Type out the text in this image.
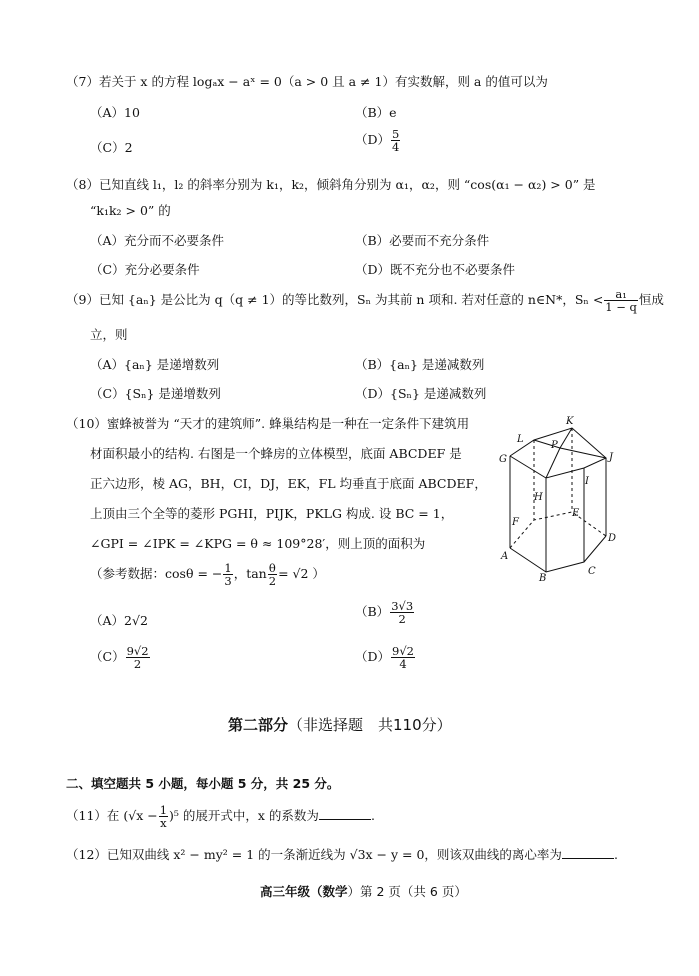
（7）若关于 x 的方程 logₐx − aˣ = 0（a > 0 且 a ≠ 1）有实数解，则 a 的值可以为
（A）10	（B）e
（C）2
$(D) \frac{5}{4}$
（8）已知直线 l₁，l₂ 的斜率分别为 k₁，k₂，倾斜角分别为 α₁，α₂，则 “cos(α₁ − α₂) > 0” 是
“k₁k₂ > 0” 的
（A）充分而不必要条件	（B）必要而不充分条件
（C）充分必要条件	（D）既不充分也不必要条件
（9）已知 {aₙ} 是公比为 q（q ≠ 1）的等比数列，Sₙ 为其前 n 项和. 若对任意的 n∈N*，$S_n < \frac{\text{a₁}}{1 - q}$ 恒成
立，则
（A）{aₙ} 是递增数列	（B）{aₙ} 是递减数列
（C）{Sₙ} 是递增数列	（D）{Sₙ} 是递减数列
（10）蜜蜂被誉为 “天才的建筑师”. 蜂巢结构是一种在一定条件下建筑用
材面积最小的结构. 右图是一个蜂房的立体模型，底面 ABCDEF 是
正六边形，棱 AG，BH，CI，DJ，EK，FL 均垂直于底面 ABCDEF，
上顶由三个全等的菱形 PGHI，PIJK，PKLG 构成. 设 BC = 1，
∠GPI = ∠IPK = ∠KPG = θ ≈ 109°28′，则上顶的面积为
（参考数据：cosθ = − $\frac{1}{3}$ ，$\tan \frac{\theta}{2} = √2$ ）
（A）2√2
$(B) \frac{3√3}{2}$
$(C) \frac{9√2}{2}$	$(D) \frac{9√2}{4}$
K
L
P
G	J
H
I
F
E
D
A
B
C
第二部分（非选择题　共110分）
二、填空题共 5 小题，每小题 5 分，共 25 分。
（11）在 $(√x - \frac{1}{x} )^5$ 的展开式中，x 的系数为	.
（12）已知双曲线 x² − my² = 1 的一条渐近线为 √3x − y = 0，则该双曲线的离心率为	.
高三年级（数学）第 2 页（共 6 页）
